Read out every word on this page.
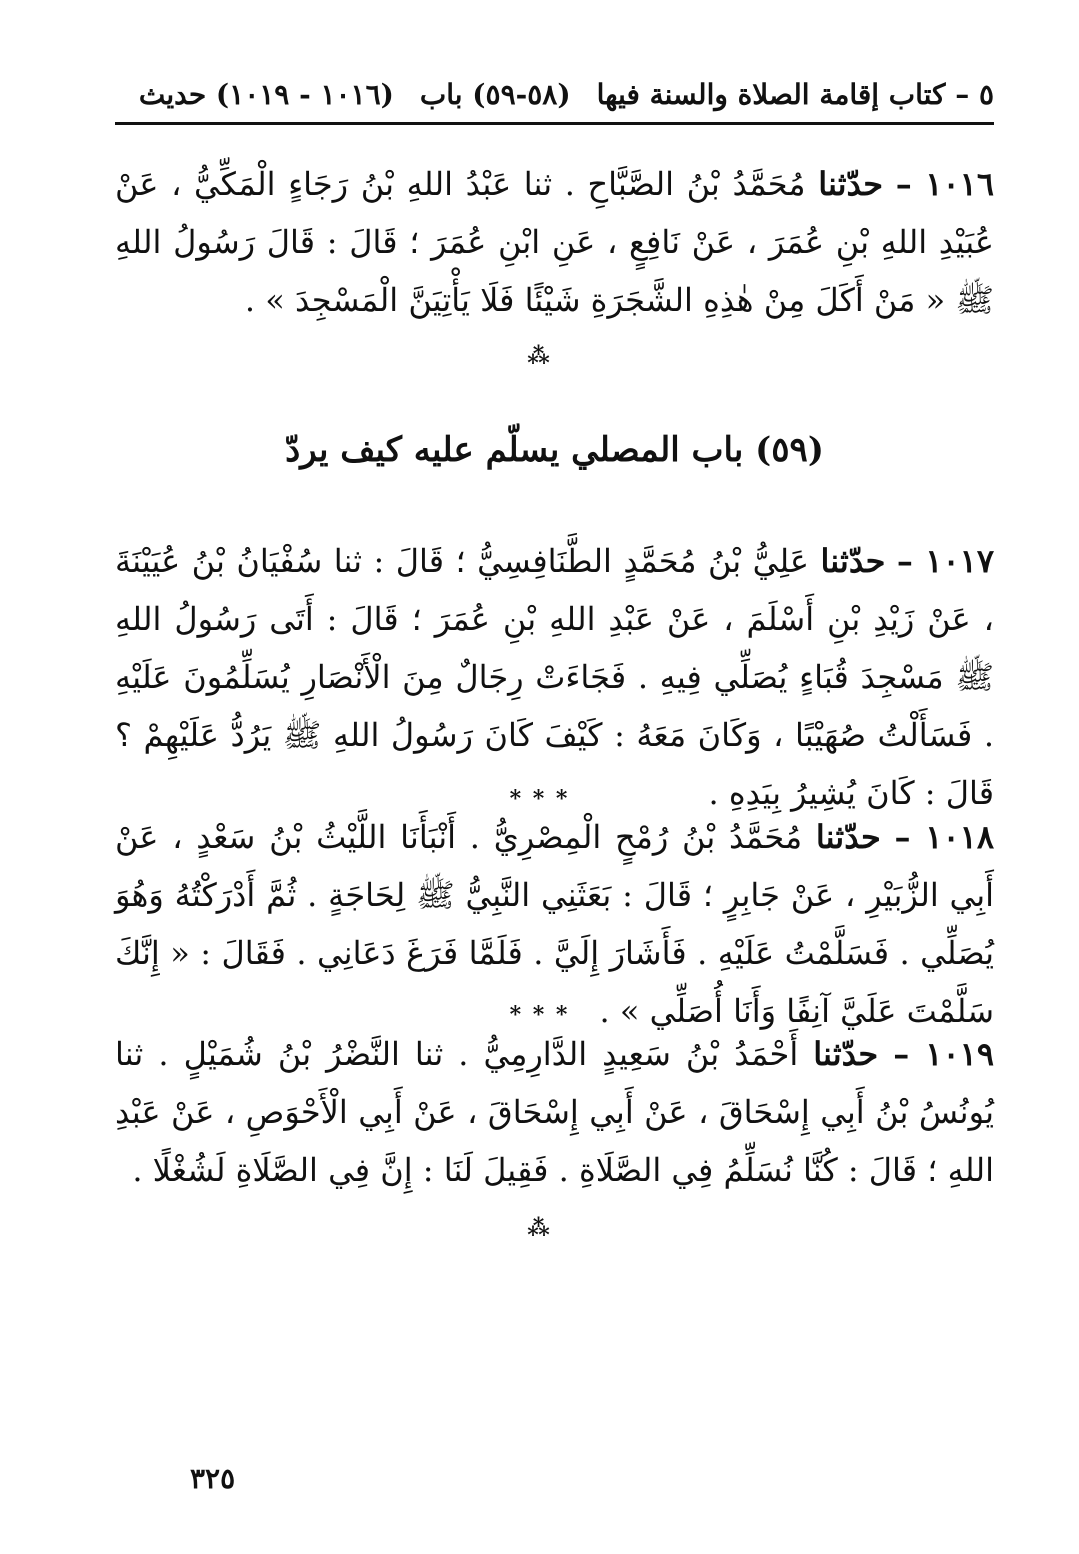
٥ – كتاب إقامة الصلاة والسنة فيها
(٥٨-٥٩) باب
(١٠١٦ - ١٠١٩) حديث
١٠١٦ – حدّثنا مُحَمَّدُ بْنُ الصَّبَّاحِ . ثنا عَبْدُ اللهِ بْنُ رَجَاءٍ الْمَكِّيُّ ، عَنْ عُبَيْدِ اللهِ بْنِ عُمَرَ ، عَنْ نَافِعٍ ، عَنِ ابْنِ عُمَرَ ؛ قَالَ : قَالَ رَسُولُ اللهِ ﷺ « مَنْ أَكَلَ مِنْ هٰذِهِ الشَّجَرَةِ شَيْئًا فَلَا يَأْتِيَنَّ الْمَسْجِدَ » .
⁂
(٥٩) باب المصلي يسلّم عليه كيف يردّ
١٠١٧ – حدّثنا عَلِيُّ بْنُ مُحَمَّدٍ الطَّنَافِسِيُّ ؛ قَالَ : ثنا سُفْيَانُ بْنُ عُيَيْنَةَ ، عَنْ زَيْدِ بْنِ أَسْلَمَ ، عَنْ عَبْدِ اللهِ بْنِ عُمَرَ ؛ قَالَ : أَتَى رَسُولُ اللهِ ﷺ مَسْجِدَ قُبَاءٍ يُصَلِّي فِيهِ . فَجَاءَتْ رِجَالٌ مِنَ الْأَنْصَارِ يُسَلِّمُونَ عَلَيْهِ . فَسَأَلْتُ صُهَيْبًا ، وَكَانَ مَعَهُ : كَيْفَ كَانَ رَسُولُ اللهِ ﷺ يَرُدُّ عَلَيْهِمْ ؟ قَالَ : كَانَ يُشِيرُ بِيَدِهِ .
* * *
١٠١٨ – حدّثنا مُحَمَّدُ بْنُ رُمْحٍ الْمِصْرِيُّ . أَنْبَأَنَا اللَّيْثُ بْنُ سَعْدٍ ، عَنْ أَبِي الزُّبَيْرِ ، عَنْ جَابِرٍ ؛ قَالَ : بَعَثَنِي النَّبِيُّ ﷺ لِحَاجَةٍ . ثُمَّ أَدْرَكْتُهُ وَهُوَ يُصَلِّي . فَسَلَّمْتُ عَلَيْهِ . فَأَشَارَ إِلَيَّ . فَلَمَّا فَرَغَ دَعَانِي . فَقَالَ : « إِنَّكَ سَلَّمْتَ عَلَيَّ آنِفًا وَأَنَا أُصَلِّي » .
* * *
١٠١٩ – حدّثنا أَحْمَدُ بْنُ سَعِيدٍ الدَّارِمِيُّ . ثنا النَّضْرُ بْنُ شُمَيْلٍ . ثنا يُونُسُ بْنُ أَبِي إِسْحَاقَ ، عَنْ أَبِي إِسْحَاقَ ، عَنْ أَبِي الْأَحْوَصِ ، عَنْ عَبْدِ اللهِ ؛ قَالَ : كُنَّا نُسَلِّمُ فِي الصَّلَاةِ . فَقِيلَ لَنَا : إِنَّ فِي الصَّلَاةِ لَشُغْلًا .
⁂
٣٢٥
